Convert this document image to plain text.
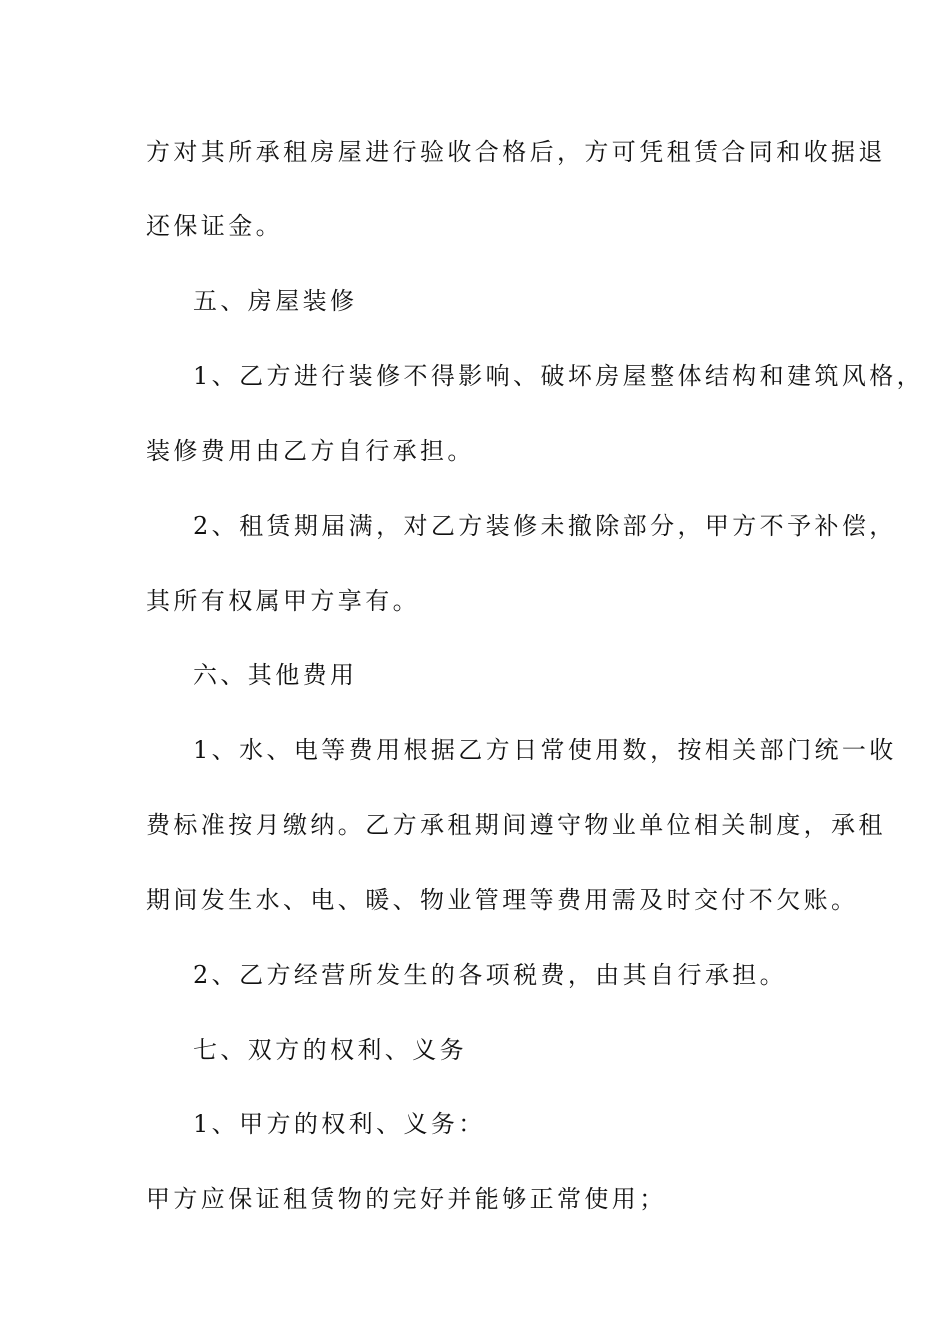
方对其所承租房屋进行验收合格后，方可凭租赁合同和收据退
还保证金。
五、房屋装修
1、乙方进行装修不得影响、破坏房屋整体结构和建筑风格，
装修费用由乙方自行承担。
2、租赁期届满，对乙方装修未撤除部分，甲方不予补偿，
其所有权属甲方享有。
六、其他费用
1、水、电等费用根据乙方日常使用数，按相关部门统一收
费标准按月缴纳。乙方承租期间遵守物业单位相关制度，承租
期间发生水、电、暖、物业管理等费用需及时交付不欠账。
2、乙方经营所发生的各项税费，由其自行承担。
七、双方的权利、义务
1、甲方的权利、义务：
甲方应保证租赁物的完好并能够正常使用；
